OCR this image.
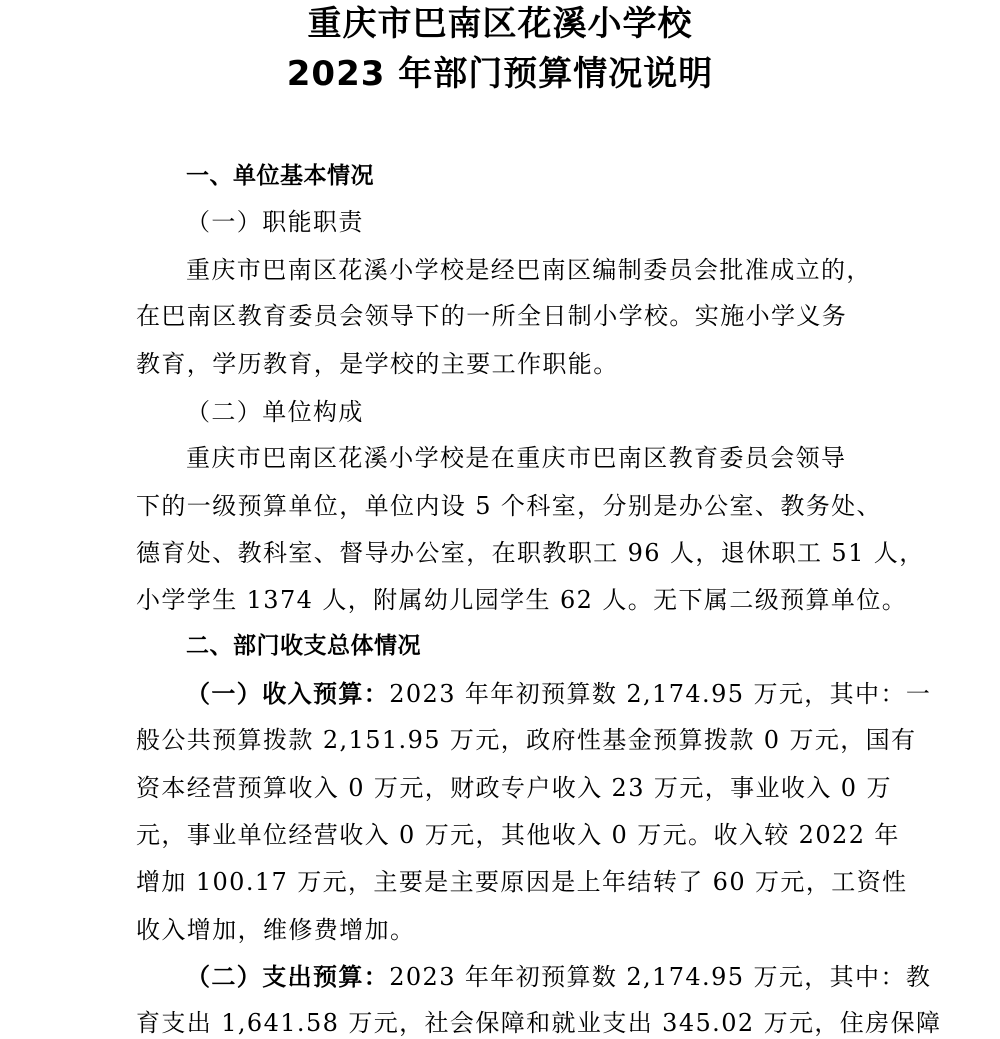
重庆市巴南区花溪小学校
2023 年部门预算情况说明
一、单位基本情况
（一）职能职责
重庆市巴南区花溪小学校是经巴南区编制委员会批准成立的，
在巴南区教育委员会领导下的一所全日制小学校。实施小学义务
教育，学历教育，是学校的主要工作职能。
（二）单位构成
重庆市巴南区花溪小学校是在重庆市巴南区教育委员会领导
下的一级预算单位，单位内设 5 个科室，分别是办公室、教务处、
德育处、教科室、督导办公室，在职教职工 96 人，退休职工 51 人，
小学学生 1374 人，附属幼儿园学生 62 人。无下属二级预算单位。
二、部门收支总体情况
（一）收入预算：2023 年年初预算数 2,174.95 万元，其中：一
般公共预算拨款 2,151.95 万元，政府性基金预算拨款 0 万元，国有
资本经营预算收入 0 万元，财政专户收入 23 万元，事业收入 0 万
元，事业单位经营收入 0 万元，其他收入 0 万元。收入较 2022 年
增加 100.17 万元，主要是主要原因是上年结转了 60 万元，工资性
收入增加，维修费增加。
（二）支出预算：2023 年年初预算数 2,174.95 万元，其中：教
育支出 1,641.58 万元，社会保障和就业支出 345.02 万元，住房保障
